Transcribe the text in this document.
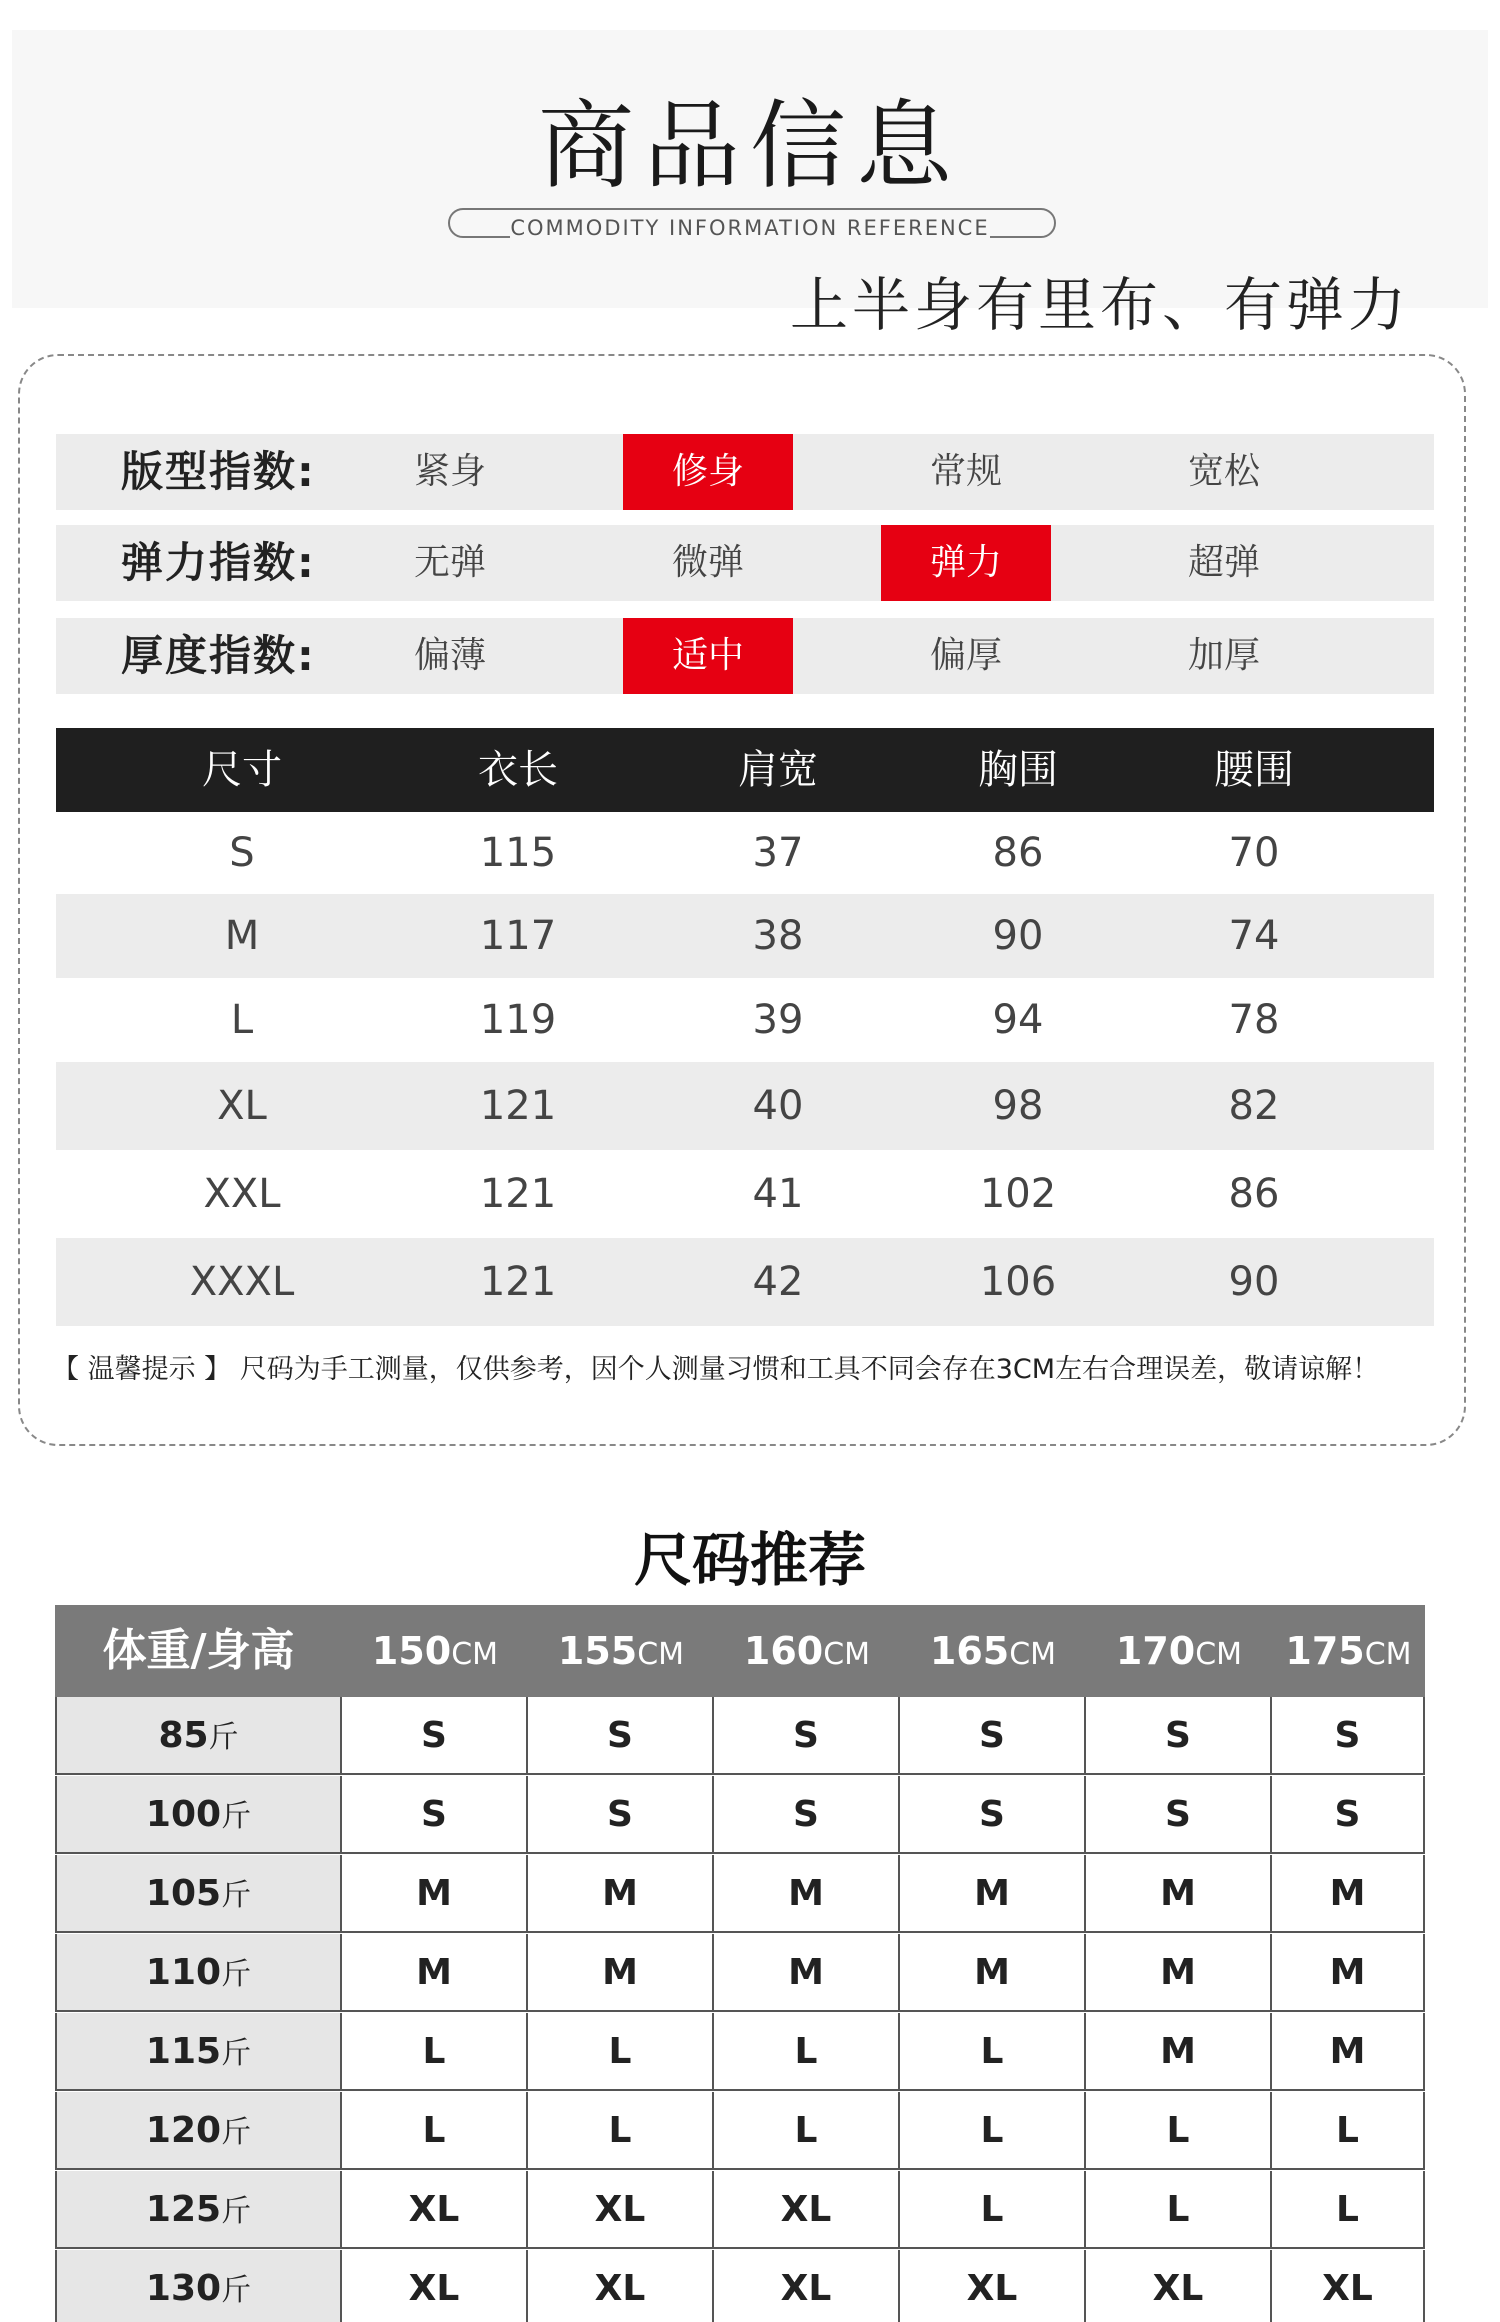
商品信息
COMMODITY INFORMATION REFERENCE
上半身有里布、有弹力
版型指数:	紧身	修身	常规	宽松
弹力指数:	无弹	微弹	弹力	超弹
厚度指数:	偏薄	适中	偏厚	加厚
尺寸	衣长	肩宽	胸围	腰围
S	115	37	86	70
M	117	38	90	74
L	119	39	94	78
XL	121	40	98	82
XXL	121	41	102	86
XXXL	121	42	106	90
【 温馨提示 】 尺码为手工测量，仅供参考，因个人测量习惯和工具不同会存在3CM左右合理误差，敬请谅解！
尺码推荐
体重/身高	150CM	155CM	160CM	165CM	170CM	175CM
85斤	S	S	S	S	S	S
100斤	S	S	S	S	S	S
105斤	M	M	M	M	M	M
110斤	M	M	M	M	M	M
115斤	L	L	L	L	M	M
120斤	L	L	L	L	L	L
125斤	XL	XL	XL	L	L	L
130斤	XL	XL	XL	XL	XL	XL
